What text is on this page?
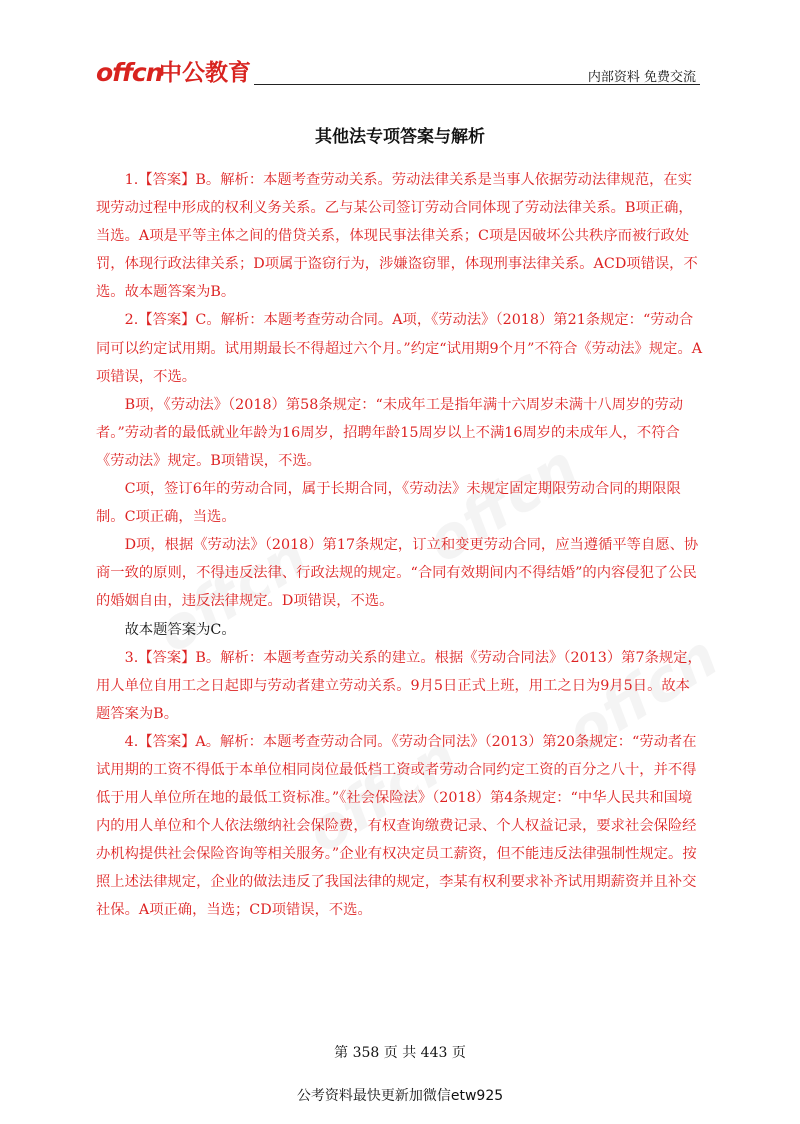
offcn
中公教育	内部资料 免费交流
其他法专项答案与解析

1.【答案】B。解析：本题考查劳动关系。劳动法律关系是当事人依据劳动法律规范，在实现劳动过程中形成的权利义务关系。乙与某公司签订劳动合同体现了劳动法律关系。B项正确，当选。A项是平等主体之间的借贷关系，体现民事法律关系；C项是因破坏公共秩序而被行政处罚，体现行政法律关系；D项属于盗窃行为，涉嫌盗窃罪，体现刑事法律关系。ACD项错误，不选。故本题答案为B。

2.【答案】C。解析：本题考查劳动合同。A项，《劳动法》（2018）第21条规定：“劳动合同可以约定试用期。试用期最长不得超过六个月。”约定“试用期9个月”不符合《劳动法》规定。A项错误，不选。

B项，《劳动法》（2018）第58条规定：“未成年工是指年满十六周岁未满十八周岁的劳动者。”劳动者的最低就业年龄为16周岁，招聘年龄15周岁以上不满16周岁的未成年人，不符合《劳动法》规定。B项错误，不选。

C项，签订6年的劳动合同，属于长期合同，《劳动法》未规定固定期限劳动合同的期限限制。C项正确，当选。

D项，根据《劳动法》（2018）第17条规定，订立和变更劳动合同，应当遵循平等自愿、协商一致的原则，不得违反法律、行政法规的规定。“合同有效期间内不得结婚”的内容侵犯了公民的婚姻自由，违反法律规定。D项错误，不选。

故本题答案为C。

3.【答案】B。解析：本题考查劳动关系的建立。根据《劳动合同法》（2013）第7条规定，用人单位自用工之日起即与劳动者建立劳动关系。9月5日正式上班，用工之日为9月5日。故本题答案为B。

4.【答案】A。解析：本题考查劳动合同。《劳动合同法》（2013）第20条规定：“劳动者在试用期的工资不得低于本单位相同岗位最低档工资或者劳动合同约定工资的百分之八十，并不得低于用人单位所在地的最低工资标准。”《社会保险法》（2018）第4条规定：“中华人民共和国境内的用人单位和个人依法缴纳社会保险费，有权查询缴费记录、个人权益记录，要求社会保险经办机构提供社会保险咨询等相关服务。”企业有权决定员工薪资，但不能违反法律强制性规定。按照上述法律规定，企业的做法违反了我国法律的规定，李某有权利要求补齐试用期薪资并且补交社保。A项正确，当选；CD项错误，不选。

第 358 页 共 443 页
公考资料最快更新加微信etw925
